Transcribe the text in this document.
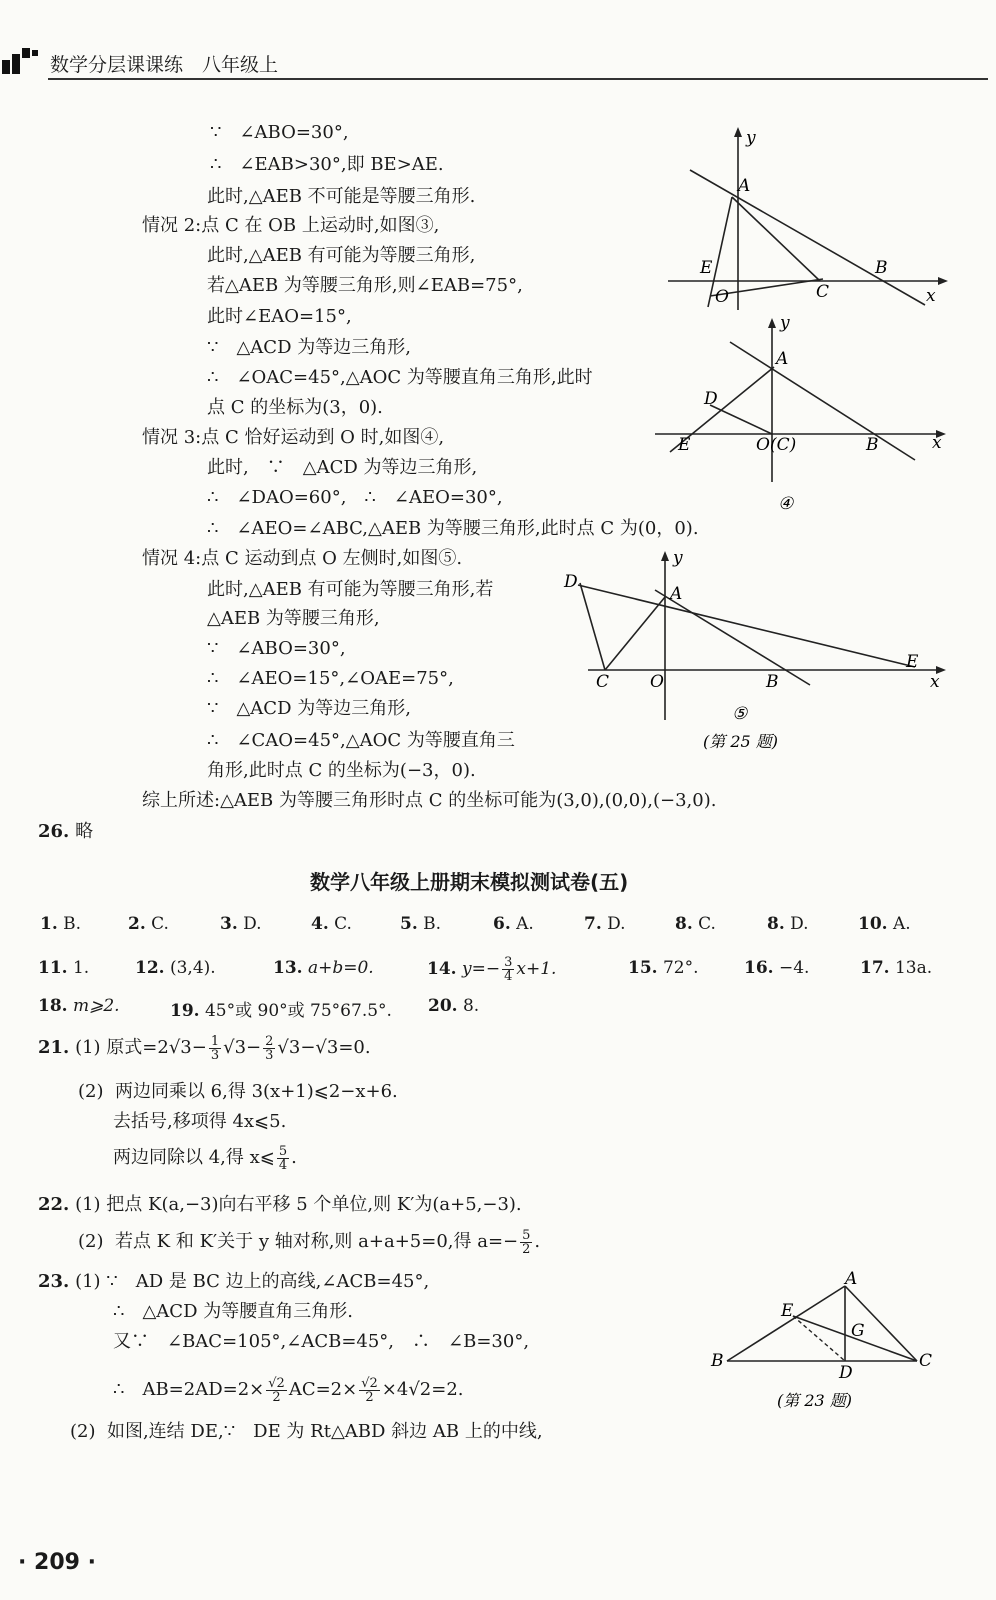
数学分层课课练　八年级上
∵　∠ABO=30°,
∴　∠EAB>30°,即 BE>AE.
此时,△AEB 不可能是等腰三角形.
情况 2:点 C 在 OB 上运动时,如图③,
此时,△AEB 有可能为等腰三角形,
若△AEB 为等腰三角形,则∠EAB=75°,
此时∠EAO=15°,
∵　△ACD 为等边三角形,
∴　∠OAC=45°,△AOC 为等腰直角三角形,此时
点 C 的坐标为(3，0).
情况 3:点 C 恰好运动到 O 时,如图④,
此时,　∵　△ACD 为等边三角形,
∴　∠DAO=60°,　∴　∠AEO=30°,
∴　∠AEO=∠ABC,△AEB 为等腰三角形,此时点 C 为(0，0).
情况 4:点 C 运动到点 O 左侧时,如图⑤.
此时,△AEB 有可能为等腰三角形,若
△AEB 为等腰三角形,
∵　∠ABO=30°,
∴　∠AEO=15°,∠OAE=75°,
∵　△ACD 为等边三角形,
∴　∠CAO=45°,△AOC 为等腰直角三
角形,此时点 C 的坐标为(−3，0).
综上所述:△AEB 为等腰三角形时点 C 的坐标可能为(3,0),(0,0),(−3,0).
26. 略
y
A
E
O	C
B
x
y
A
D
E	O(C)	B	x
④
y
D
A
E
C O	B	x
⑤
(第 25 题)
数学八年级上册期末模拟测试卷(五)
1. B.	2. C.	3. D.	4. C.	5. B.	6. A.	7. D.	8. C.	8. D.	10. A.
11. 1.	12. (3,4).	13. a+b=0.	14. $y=- \frac{3}{4} x+1$.	15. 72°.	16. −4.	17. 13a.
18. m⩾2.	19. 45°或 90°或 75°67.5°. 20. 8.
21. (1) 原式$=2√3- \frac{1}{3} √3- \frac{2}{3} √3-√3=0$.
(2) 两边同乘以 6,得 3(x+1)⩽2−x+6.
去括号,移项得 4x⩽5.
两边同除以 4,得 x⩽ $\frac{5}{4}$ .
22. (1) 把点 K(a,−3)向右平移 5 个单位,则 K′为(a+5,−3).
(2) 若点 K 和 K′关于 y 轴对称,则 a+a+5=0,得 $a=- \frac{5}{2}$ .
23. (1) ∵　AD 是 BC 边上的高线,∠ACB=45°,
∴　△ACD 为等腰直角三角形.
又∵　∠BAC=105°,∠ACB=45°,　∴　∠B=30°,
∴　$AB=2AD=2\times \frac{√2}{2} AC=2\times \frac{√2}{2} \times 4√2=2$.
(2) 如图,连结 DE,∵　DE 为 Rt△ABD 斜边 AB 上的中线,
A
E
G
B
D
C
(第 23 题)
· 209 ·
